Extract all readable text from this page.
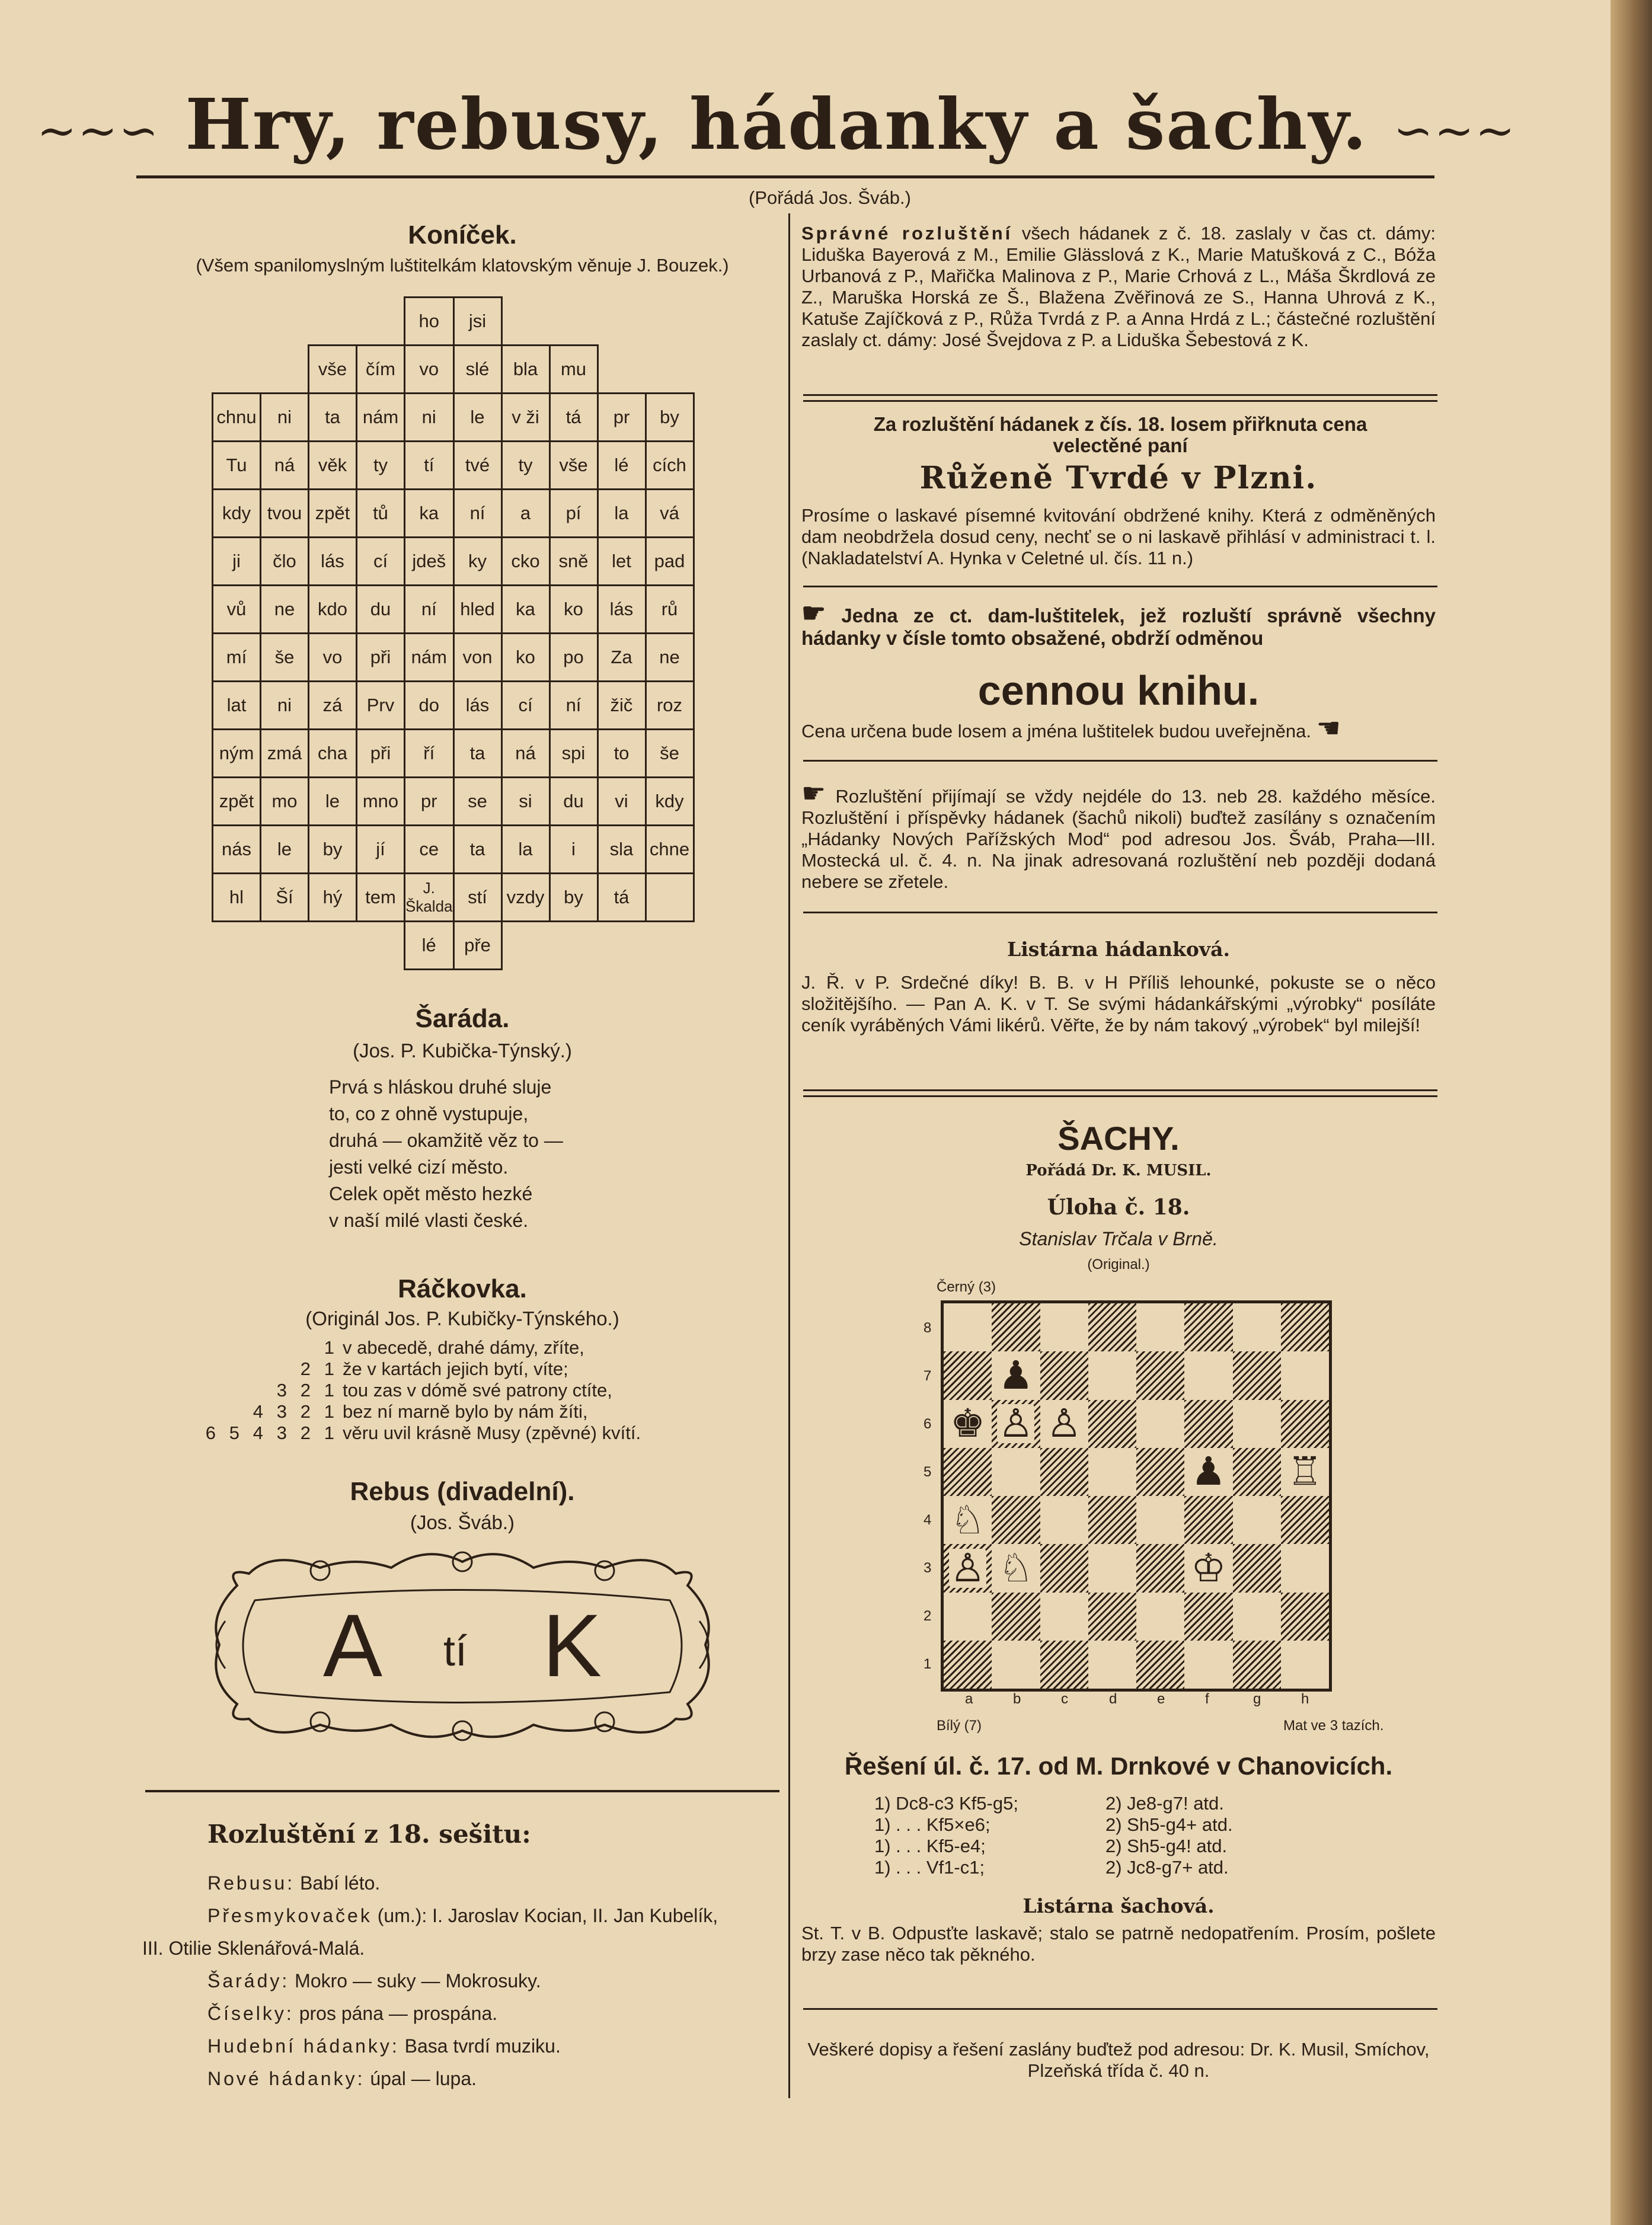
~~∽ Hry, rebusy, hádanky a šachy. ∽~~
(Pořádá Jos. Šváb.)
Koníček.
(Všem spanilomyslným luštitelkám klatovským věnuje J. Bouzek.)
				ho	jsi				
		vše	čím	vo	slé	bla	mu		
chnu	ni	ta	nám	ni	le	v ži	tá	pr	by
Tu	ná	věk	ty	tí	tvé	ty	vše	lé	cích
kdy	tvou	zpět	tů	ka	ní	a	pí	la	vá
ji	člo	lás	cí	jdeš	ky	cko	sně	let	pad
vů	ne	kdo	du	ní	hled	ka	ko	lás	rů
mí	še	vo	při	nám	von	ko	po	Za	ne
lat	ni	zá	Prv	do	lás	cí	ní	žič	roz
ným	zmá	cha	při	ří	ta	ná	spi	to	še
zpět	mo	le	mno	pr	se	si	du	vi	kdy
nás	le	by	jí	ce	ta	la	i	sla	chne
hl	Ší	hý	tem	J. Škalda	stí	vzdy	by	tá	
				lé	pře				
Šaráda.
(Jos. P. Kubička-Týnský.)
Prvá s hláskou druhé sluje
to, co z ohně vystupuje,
druhá — okamžitě věz to —
jesti velké cizí město.
Celek opět město hezké
v naší milé vlasti české.
Ráčkovka.
(Originál Jos. P. Kubičky-Týnského.)
					1	v abecedě, drahé dámy, zříte,
				2	1	že v kartách jejich bytí, víte;
			3	2	1	tou zas v dómě své patrony ctíte,
		4	3	2	1	bez ní marně bylo by nám žíti,
6	5	4	3	2	1	věru uvil krásně Musy (zpěvné) kvítí.
Rebus (divadelní).
(Jos. Šváb.)
A tí K
Rozluštění z 18. sešitu:
Rebusu: Babí léto.
Přesmykovaček (um.): I. Jaroslav Kocian, II. Jan Kubelík,
III. Otilie Sklenářová-Malá.
Šarády: Mokro — suky — Mokrosuky.
Číselky: pros pána — prospána.
Hudební hádanky: Basa tvrdí muziku.
Nové hádanky: úpal — lupa.
Správné rozluštění všech hádanek z č. 18. zaslaly v čas ct. dámy: Liduška Bayerová z M., Emilie Glässlová z K., Marie Matušková z C., Bóža Urbanová z P., Mařička Malinova z P., Marie Crhová z L., Máša Škrdlová ze Z., Maruška Horská ze Š., Blažena Zvěřinová ze S., Hanna Uhrová z K., Katuše Zajíčková z P., Růža Tvrdá z P. a Anna Hrdá z L.; částečné rozluštění zaslaly ct. dámy: José Švejdova z P. a Liduška Šebestová z K.
Za rozluštění hádanek z čís. 18. losem přiřknuta cena velectěné paní
Růženě Tvrdé v Plzni.
Prosíme o laskavé písemné kvitování obdržené knihy. Která z odměněných dam neobdržela dosud ceny, nechť se o ni laskavě přihlásí v administraci t. l. (Nakladatelství A. Hynka v Celetné ul. čís. 11 n.)
☛ Jedna ze ct. dam-luštitelek, jež rozluští správně všechny hádanky v čísle tomto obsažené, obdrží odměnou
cennou knihu.
Cena určena bude losem a jména luštitelek budou uveřejněna. ☚
☛ Rozluštění přijímají se vždy nejdéle do 13. neb 28. každého měsíce. Rozluštění i příspěvky hádanek (šachů nikoli) buďtež zasílány s označením „Hádanky Nových Pařížských Mod“ pod adresou Jos. Šváb, Praha—III. Mostecká ul. č. 4. n. Na jinak adresovaná rozluštění neb později dodaná nebere se zřetele.
Listárna hádanková.
J. Ř. v P. Srdečné díky! B. B. v H Příliš lehounké, pokuste se o něco složitějšího. — Pan A. K. v T. Se svými hádankářskými „výrobky“ posíláte ceník vyráběných Vámi likérů. Věřte, že by nám takový „výrobek“ byl milejší!
ŠACHY.
Pořádá Dr. K. MUSIL.
Úloha č. 18.
Stanislav Trčala v Brně.
(Original.)
Černý (3)
♟
♚ ♙ ♙
♟ ♖
♘
♙ ♘	♔
8
7
6
5
4
3
2
1
a	b	c	d	e	f	g	h
Bílý (7)	Mat ve 3 tazích.
Řešení úl. č. 17. od M. Drnkové v Chanovicích.
1) Dc8-c3 Kf5-g5;	2) Je8-g7! atd.
1) . . . Kf5×e6;	2) Sh5-g4+ atd.
1) . . . Kf5-e4;	2) Sh5-g4! atd.
1) . . . Vf1-c1;	2) Jc8-g7+ atd.
Listárna šachová.
St. T. v B. Odpusťte laskavě; stalo se patrně nedopatřením. Prosím, pošlete brzy zase něco tak pěkného.
Veškeré dopisy a řešení zaslány buďtež pod adresou: Dr. K. Musil, Smíchov, Plzeňská třída č. 40 n.
